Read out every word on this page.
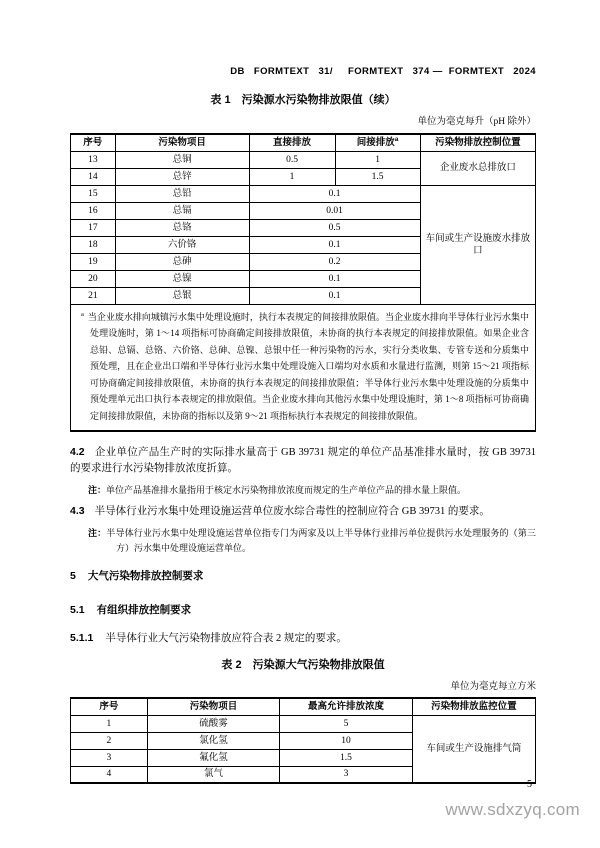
DB   FORMTEXT   31/     FORMTEXT   374 —  FORMTEXT   2024
表 1　污染源水污染物排放限值（续）
单位为毫克每升（pH 除外）
序号	污染物项目	直接排放	间接排放$^a$	污染物排放控制位置
13	总铜	0.5	1	企业废水总排放口
14	总锌	1	1.5	
15	总铅	0.1		车间或生产设施废水排放口
16	总镉	0.01		
17	总铬	0.5		
18	六价铬	0.1		
19	总砷	0.2		
20	总镍	0.1		
21	总银	0.1		

$^a$ 当企业废水排向城镇污水集中处理设施时，执行本表规定的间接排放限值。当企业废水排向半导体行业污水集中处理设施时，第 1～14 项指标可协商确定间接排放限值，未协商的执行本表规定的间接排放限值。如果企业含总铅、总镉、总铬、六价铬、总砷、总镍、总银中任一种污染物的污水，实行分类收集、专管专送和分质集中预处理，且在企业出口端和半导体行业污水集中处理设施入口端均对水质和水量进行监测，则第 15～21 项指标可协商确定间接排放限值，未协商的执行本表规定的间接排放限值；半导体行业污水集中处理设施的分质集中预处理单元出口执行本表规定的排放限值。当企业废水排向其他污水集中处理设施时，第 1～8 项指标可协商确定间接排放限值，未协商的指标以及第 9～21 项指标执行本表规定的间接排放限值。				

4.2 企业单位产品生产时的实际排水量高于 GB 39731 规定的单位产品基准排水量时，按 GB 39731 的要求进行水污染物排放浓度折算。

注：单位产品基准排水量指用于核定水污染物排放浓度而规定的生产单位产品的排水量上限值。

4.3 半导体行业污水集中处理设施运营单位废水综合毒性的控制应符合 GB 39731 的要求。

注：半导体行业污水集中处理设施运营单位指专门为两家及以上半导体行业排污单位提供污水处理服务的（第三方）污水集中处理设施运营单位。

5 大气污染物排放控制要求

5.1 有组织排放控制要求

5.1.1 半导体行业大气污染物排放应符合表 2 规定的要求。

表 2　污染源大气污染物排放限值
单位为毫克每立方米
序号	污染物项目	最高允许排放浓度	污染物排放监控位置
1	硫酸雾	5	车间或生产设施排气筒
2	氯化氢	10	
3	氟化氢	1.5	
4	氯气	3	
5
www.sdxzyq.com
